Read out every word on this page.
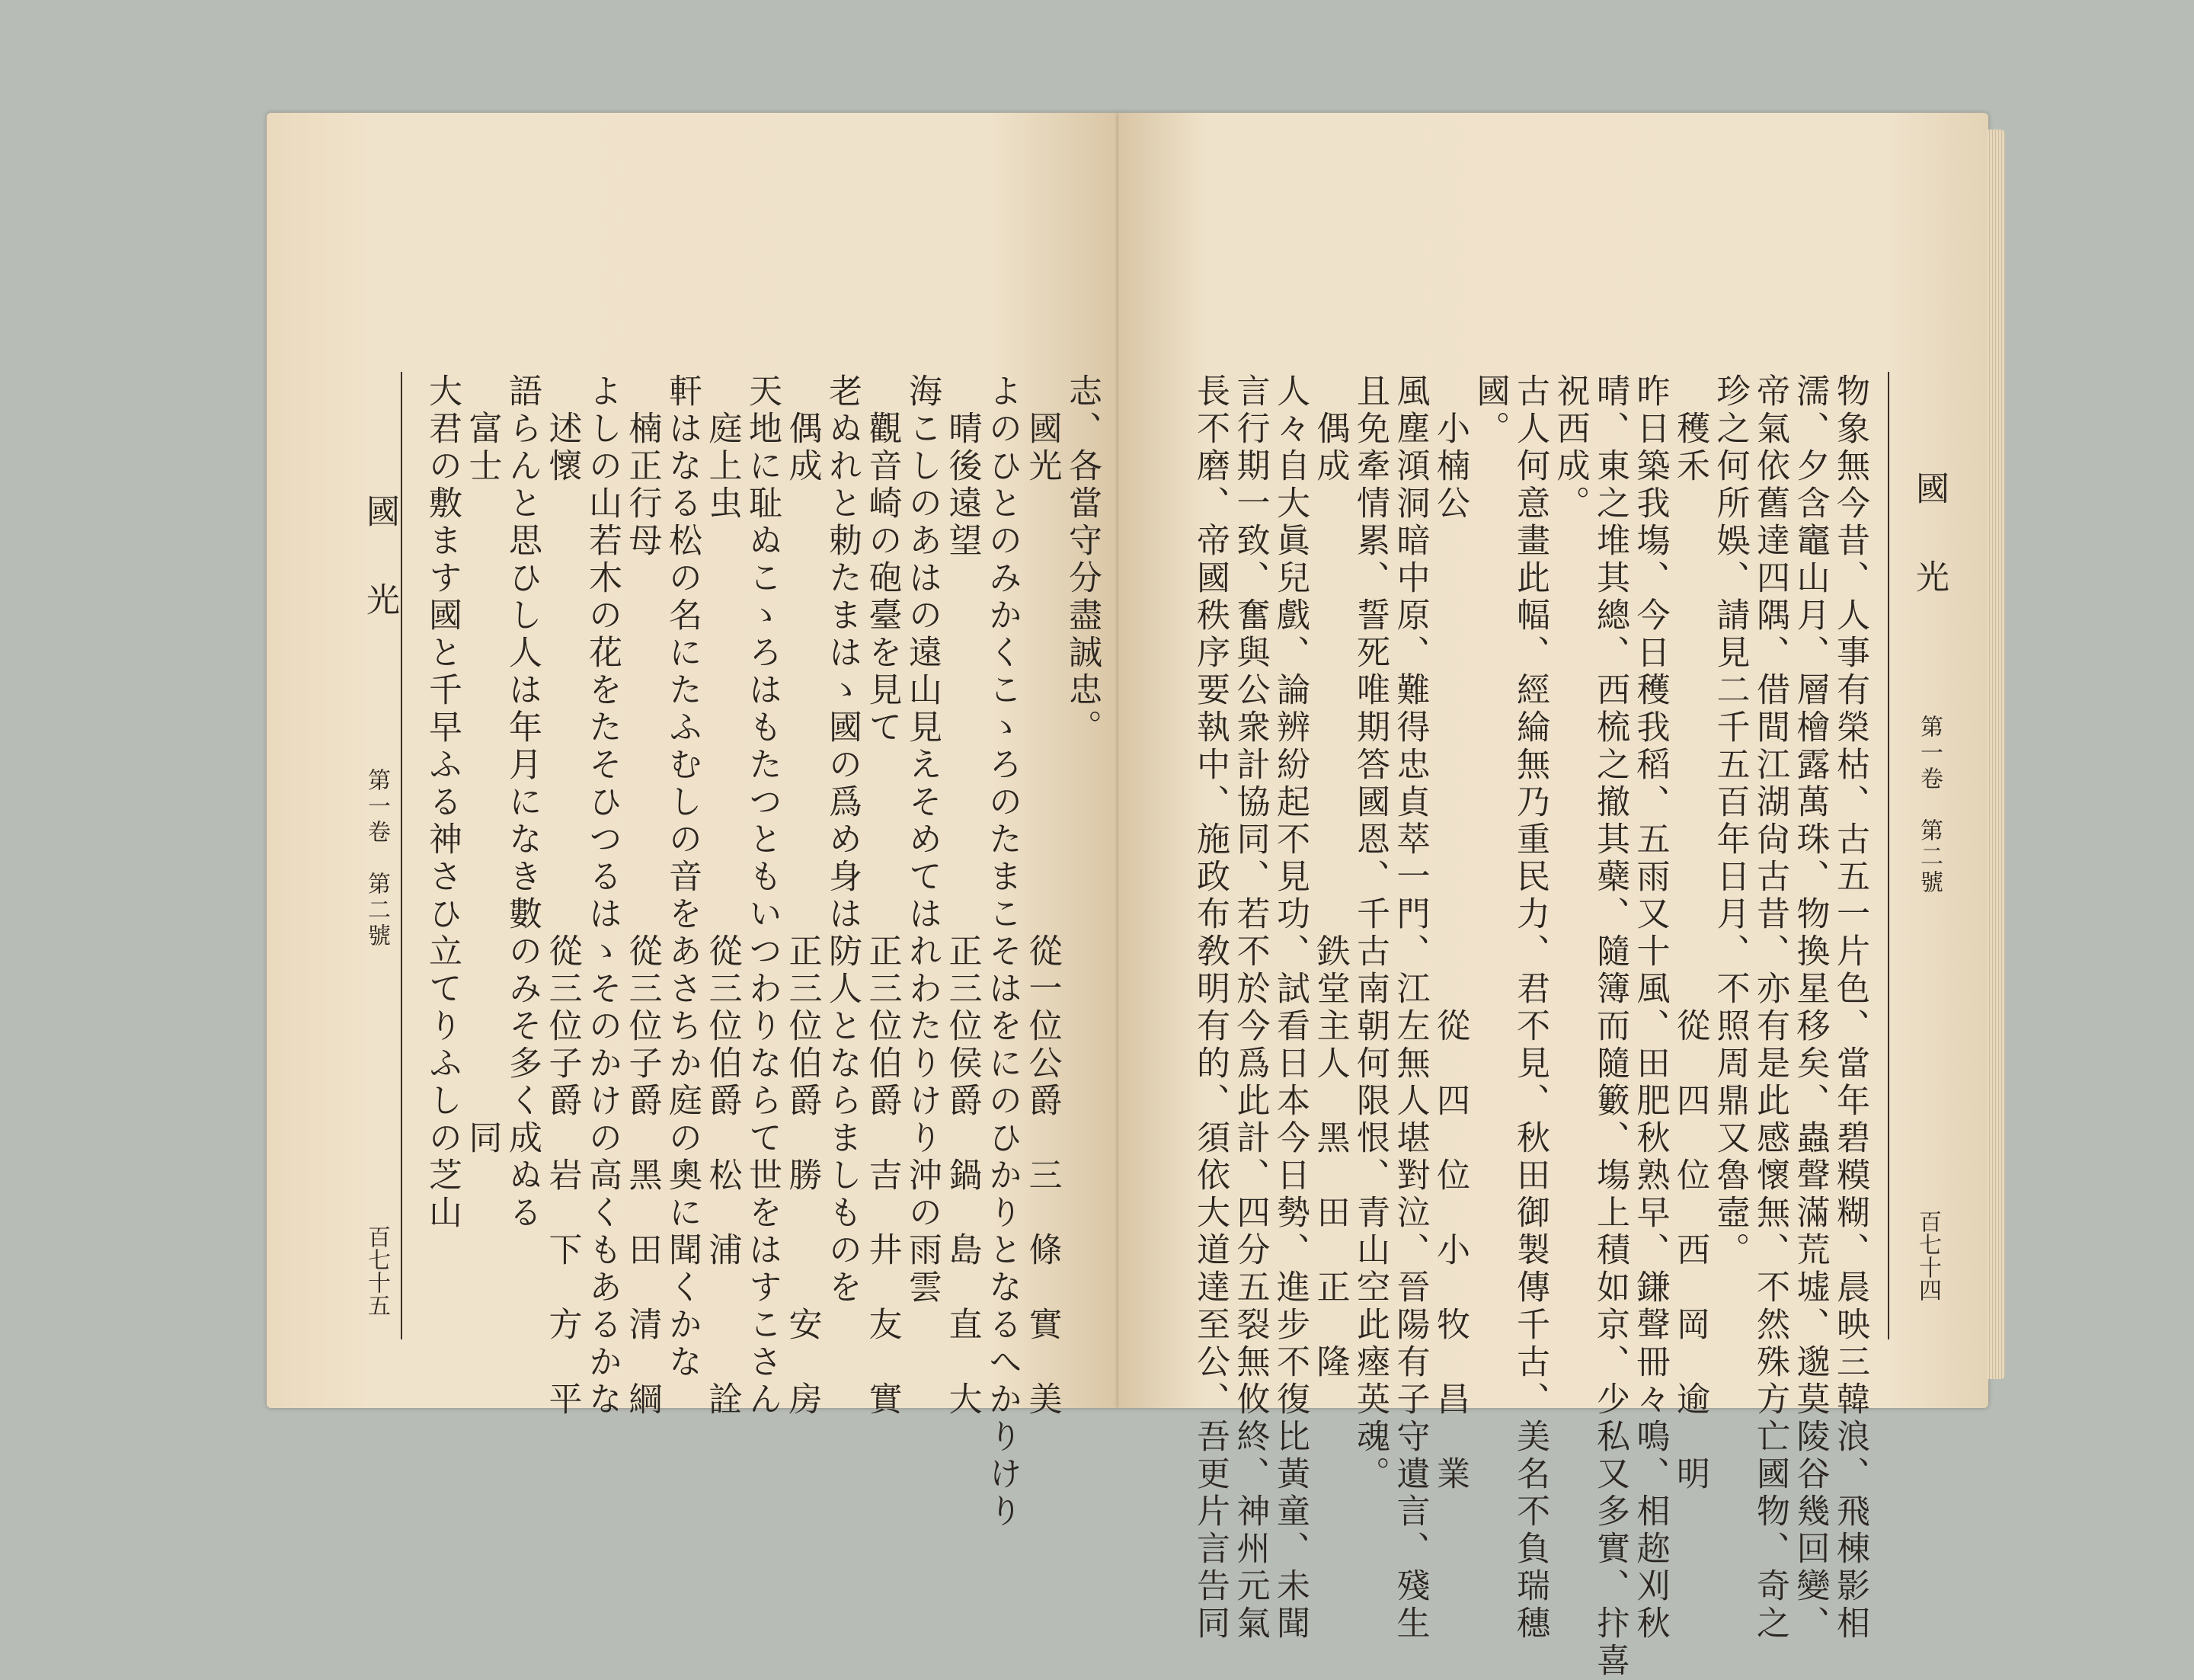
國　光
第一卷　第二號
百七十五
志、各當守分盡誠忠。
　國光　　　　　　　　　　　　從一位公爵　三　條　實　美
よのひとのみかくこゝろのたまこそはをにのひかりとなるへかりけり
　晴後遠望　　　　　　　　　　正三位侯爵　鍋　島　直　大
海こしのあはの遠山見えそめてはれわたりけり沖の雨雲
　觀音崎の砲臺を見て　　　　　正三位伯爵　吉　井　友　實
老ぬれと勅たまはゝ國の爲め身は防人とならましものを
　偶成　　　　　　　　　　　　正三位伯爵　勝　　　安　房
天地に耻ぬこゝろはもたつともいつわりならて世をはすこさん
　庭上虫　　　　　　　　　　　從三位伯爵　松　浦　　　詮
軒はなる松の名にたふむしの音をあさちか庭の奧に聞くかな
　楠正行母　　　　　　　　　　從三位子爵　黑　田　清　綱
よしの山若木の花をたそひつるはゝそのかけの高くもあるかな
　述懷　　　　　　　　　　　　從三位子爵　岩　下　方　平
語らんと思ひし人は年月になき數のみそ多く成ぬる
　富士　　　　　　　　　　　　　　　　　同
大君の敷ます國と千早ふる神さひ立てりふしの芝山	國　光
第一卷　第二號
百七十四
物象無今昔、人事有榮枯、古五一片色、當年碧糢糊、晨映三韓浪、飛棟影相
濡、夕含竈山月、層檜露萬珠、物換星移矣、蟲聲滿荒墟、邈莫陵谷幾回變、
帝氣依舊達四隅、借間江湖尙古昔、亦有是此感懷無、不然殊方亡國物、奇之
珍之何所娛、請見二千五百年日月、不照周鼎又魯壼。
　穫禾　　　　　　　　　　　　　　從　四　位　西　岡　逾　明
昨日築我塲、今日穫我稻、五雨又十風、田肥秋熟早、鎌聲冊々鳴、相趂刈秋
晴、東之堆其總、西梳之撤其蘗、隨簿而隨籔、塲上積如京、少私又多實、抃喜
祝西成。
古人何意畫此幅、經綸無乃重民力、君不見、秋田御製傳千古、美名不負瑞穗
國。
　小楠公　　　　　　　　　　　　　從　四　位　小　牧　昌　業
風塵澒洞暗中原、難得忠貞萃一門、江左無人堪對泣、晉陽有子守遺言、殘生
且免牽情累、誓死唯期答國恩、千古南朝何限恨、青山空此瘞英魂。
　偶成　　　　　　　　　　　　鉄堂主人　黑　田　正　隆
人々自大眞兒戲、論辨紛起不見功、試看日本今日勢、進步不復比黃童、未聞
言行期一致、奮與公衆計協同、若不於今爲此計、四分五裂無攸終、神州元氣
長不磨、帝國秩序要執中、施政布敎明有的、須依大道達至公、吾更片言告同
